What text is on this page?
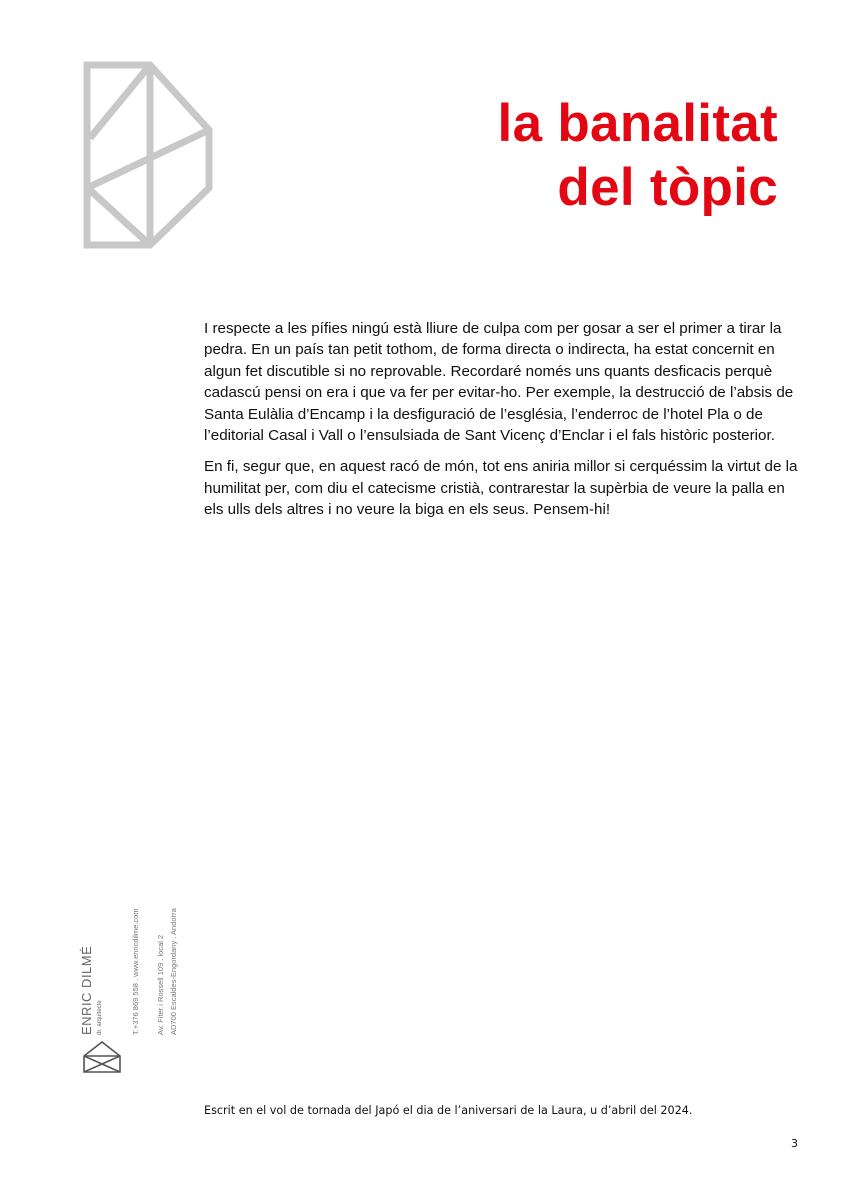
la banalitat
del tòpic

I respecte a les pífies ningú està lliure de culpa com per gosar a ser el primer a tirar la pedra. En un país tan petit tothom, de forma directa o indirecta, ha estat concernit en algun fet discutible si no reprovable. Recordaré només uns quants desficacis perquè cadascú pensi on era i que va fer per evitar-ho. Per exemple, la destrucció de l’absis de Santa Eulàlia d’Encamp i la desfiguració de l’església, l’enderroc de l’hotel Pla o de l’editorial Casal i Vall o l’ensulsiada de Sant Vicenç d’Enclar i el fals històric posterior.

En fi, segur que, en aquest racó de món, tot ens aniria millor si cerquéssim la virtut de la humilitat per, com diu el catecisme cristià, contrarestar la supèrbia de veure la palla en els ulls dels altres i no veure la biga en els seus. Pensem-hi!

ENRIC DILMÉ dr. arquitecte	T.+376 869 558 . www.enricdilme.com Av. Fiter i Rossell 109 . local 2 AD700 Escaldes-Engordany . Andorra
Escrit en el vol de tornada del Japó el dia de l’aniversari de la Laura, u d’abril del 2024.
3
